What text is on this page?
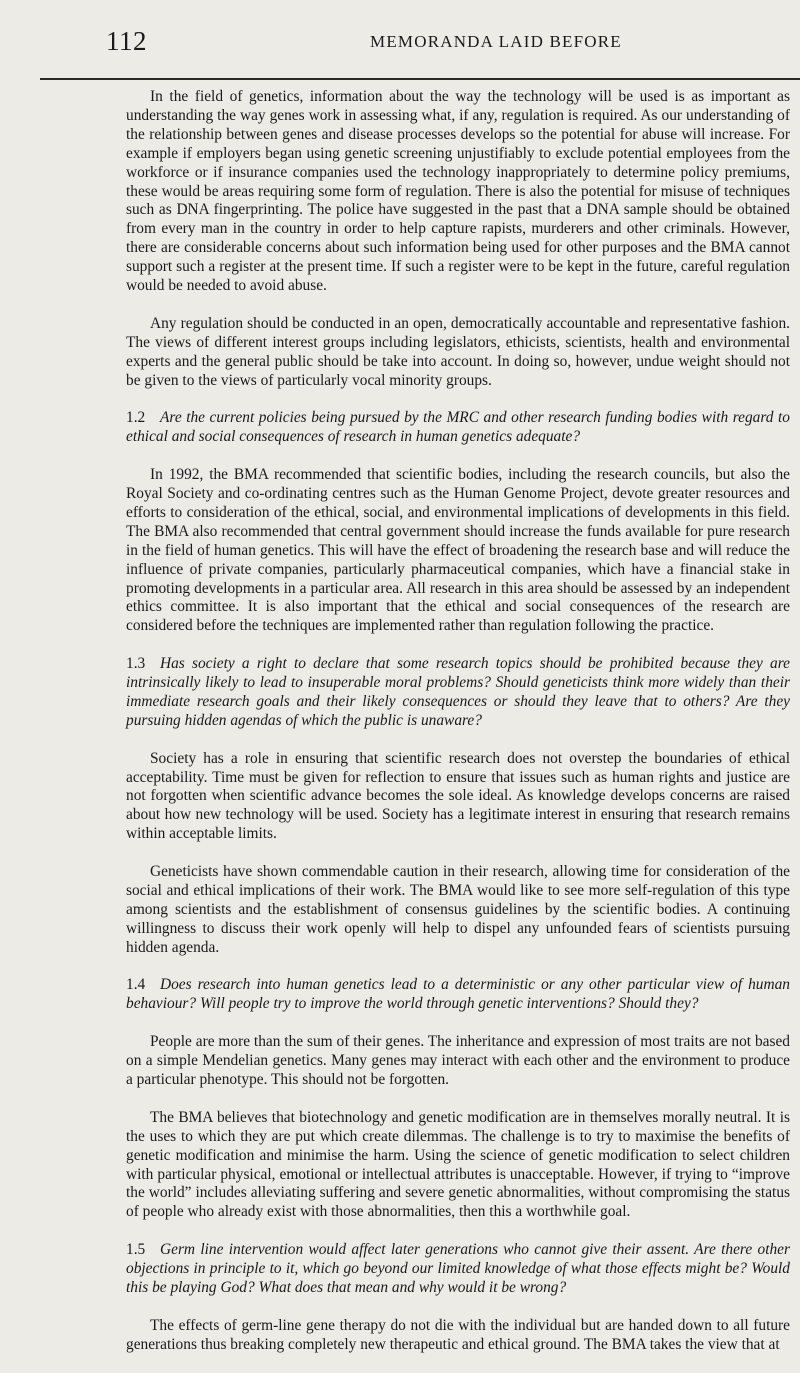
112	MEMORANDA LAID BEFORE

In the field of genetics, information about the way the technology will be used is as important as understanding the way genes work in assessing what, if any, regulation is required. As our understanding of the relationship between genes and disease processes develops so the potential for abuse will increase. For example if employers began using genetic screening unjustifiably to exclude potential employees from the workforce or if insurance companies used the technology inappropriately to determine policy premiums, these would be areas requiring some form of regulation. There is also the potential for misuse of techniques such as DNA fingerprinting. The police have suggested in the past that a DNA sample should be obtained from every man in the country in order to help capture rapists, murderers and other criminals. However, there are considerable concerns about such information being used for other purposes and the BMA cannot support such a register at the present time. If such a register were to be kept in the future, careful regulation would be needed to avoid abuse.

Any regulation should be conducted in an open, democratically accountable and representative fashion. The views of different interest groups including legislators, ethicists, scientists, health and environmental experts and the general public should be take into account. In doing so, however, undue weight should not be given to the views of particularly vocal minority groups.

1.2 Are the current policies being pursued by the MRC and other research funding bodies with regard to ethical and social consequences of research in human genetics adequate?

In 1992, the BMA recommended that scientific bodies, including the research councils, but also the Royal Society and co-ordinating centres such as the Human Genome Project, devote greater resources and efforts to consideration of the ethical, social, and environmental implications of developments in this field. The BMA also recommended that central government should increase the funds available for pure research in the field of human genetics. This will have the effect of broadening the research base and will reduce the influence of private companies, particularly pharmaceutical companies, which have a financial stake in promoting developments in a particular area. All research in this area should be assessed by an independent ethics committee. It is also important that the ethical and social consequences of the research are considered before the techniques are implemented rather than regulation following the practice.

1.3 Has society a right to declare that some research topics should be prohibited because they are intrinsically likely to lead to insuperable moral problems? Should geneticists think more widely than their immediate research goals and their likely consequences or should they leave that to others? Are they pursuing hidden agendas of which the public is unaware?

Society has a role in ensuring that scientific research does not overstep the boundaries of ethical acceptability. Time must be given for reflection to ensure that issues such as human rights and justice are not forgotten when scientific advance becomes the sole ideal. As knowledge develops concerns are raised about how new technology will be used. Society has a legitimate interest in ensuring that research remains within acceptable limits.

Geneticists have shown commendable caution in their research, allowing time for consideration of the social and ethical implications of their work. The BMA would like to see more self-regulation of this type among scientists and the establishment of consensus guidelines by the scientific bodies. A continuing willingness to discuss their work openly will help to dispel any unfounded fears of scientists pursuing hidden agenda.

1.4 Does research into human genetics lead to a deterministic or any other particular view of human behaviour? Will people try to improve the world through genetic interventions? Should they?

People are more than the sum of their genes. The inheritance and expression of most traits are not based on a simple Mendelian genetics. Many genes may interact with each other and the environment to produce a particular phenotype. This should not be forgotten.

The BMA believes that biotechnology and genetic modification are in themselves morally neutral. It is the uses to which they are put which create dilemmas. The challenge is to try to maximise the benefits of genetic modification and minimise the harm. Using the science of genetic modification to select children with particular physical, emotional or intellectual attributes is unacceptable. However, if trying to “improve the world” includes alleviating suffering and severe genetic abnormalities, without compromising the status of people who already exist with those abnormalities, then this a worthwhile goal.

1.5 Germ line intervention would affect later generations who cannot give their assent. Are there other objections in principle to it, which go beyond our limited knowledge of what those effects might be? Would this be playing God? What does that mean and why would it be wrong?

The effects of germ-line gene therapy do not die with the individual but are handed down to all future generations thus breaking completely new therapeutic and ethical ground. The BMA takes the view that at
